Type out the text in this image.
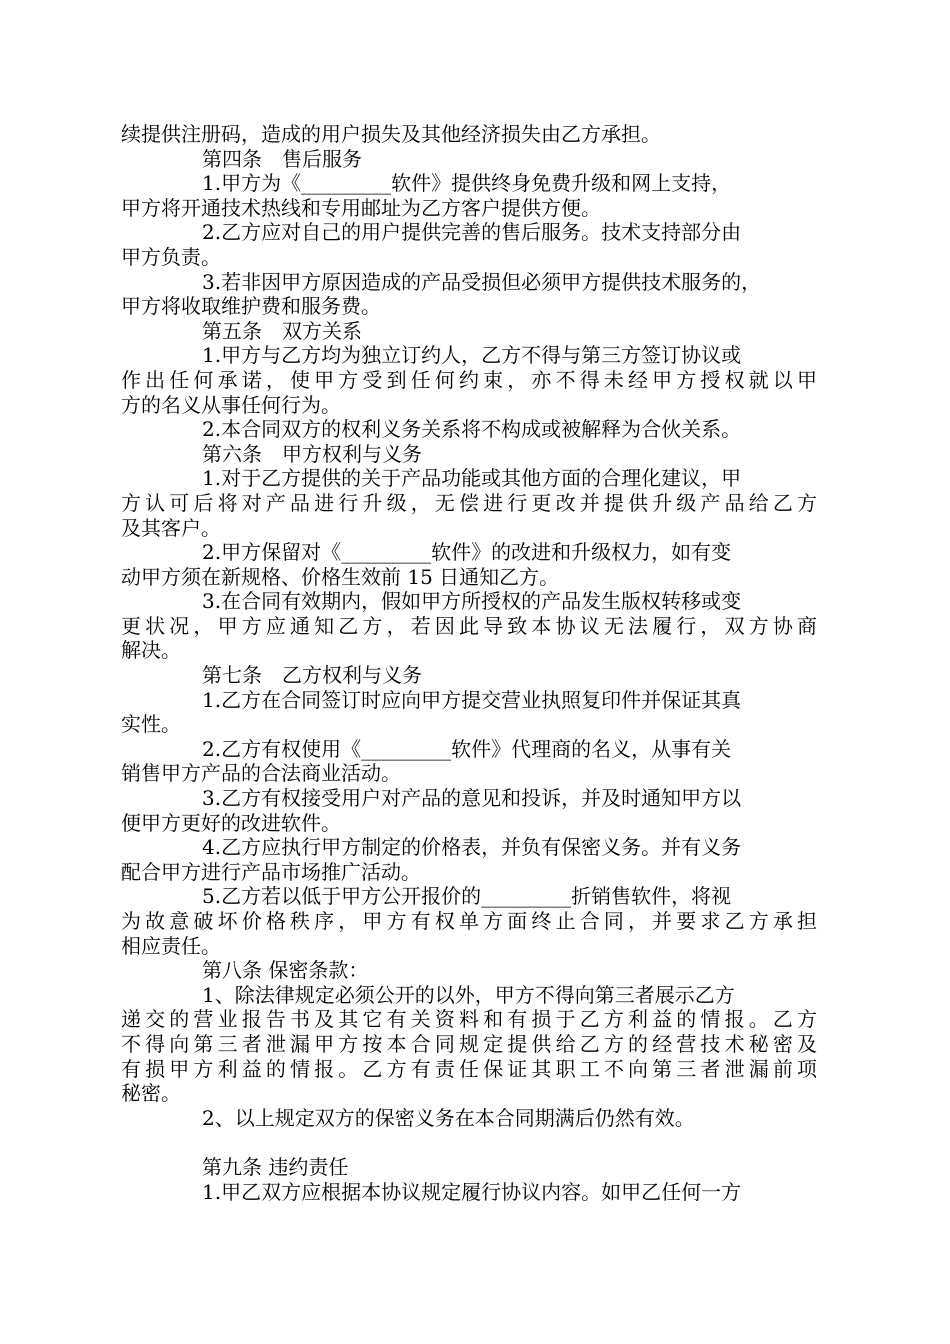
续提供注册码，造成的用户损失及其他经济损失由乙方承担。
第四条　售后服务
1.甲方为《_________软件》提供终身免费升级和网上支持，
甲方将开通技术热线和专用邮址为乙方客户提供方便。
2.乙方应对自己的用户提供完善的售后服务。技术支持部分由
甲方负责。
3.若非因甲方原因造成的产品受损但必须甲方提供技术服务的，
甲方将收取维护费和服务费。
第五条　双方关系
1.甲方与乙方均为独立订约人，乙方不得与第三方签订协议或
作出任何承诺，使甲方受到任何约束，亦不得未经甲方授权就以甲
方的名义从事任何行为。
2.本合同双方的权利义务关系将不构成或被解释为合伙关系。
第六条　甲方权利与义务
1.对于乙方提供的关于产品功能或其他方面的合理化建议，甲
方认可后将对产品进行升级，无偿进行更改并提供升级产品给乙方
及其客户。
2.甲方保留对《_________软件》的改进和升级权力，如有变
动甲方须在新规格、价格生效前 15 日通知乙方。
3.在合同有效期内，假如甲方所授权的产品发生版权转移或变
更状况，甲方应通知乙方，若因此导致本协议无法履行，双方协商
解决。
第七条　乙方权利与义务
1.乙方在合同签订时应向甲方提交营业执照复印件并保证其真
实性。
2.乙方有权使用《_________软件》代理商的名义，从事有关
销售甲方产品的合法商业活动。
3.乙方有权接受用户对产品的意见和投诉，并及时通知甲方以
便甲方更好的改进软件。
4.乙方应执行甲方制定的价格表，并负有保密义务。并有义务
配合甲方进行产品市场推广活动。
5.乙方若以低于甲方公开报价的_________折销售软件，将视
为故意破坏价格秩序，甲方有权单方面终止合同，并要求乙方承担
相应责任。
第八条 保密条款：
1、除法律规定必须公开的以外，甲方不得向第三者展示乙方
递交的营业报告书及其它有关资料和有损于乙方利益的情报。乙方
不得向第三者泄漏甲方按本合同规定提供给乙方的经营技术秘密及
有损甲方利益的情报。乙方有责任保证其职工不向第三者泄漏前项
秘密。
2、以上规定双方的保密义务在本合同期满后仍然有效。
第九条 违约责任
1.甲乙双方应根据本协议规定履行协议内容。如甲乙任何一方
